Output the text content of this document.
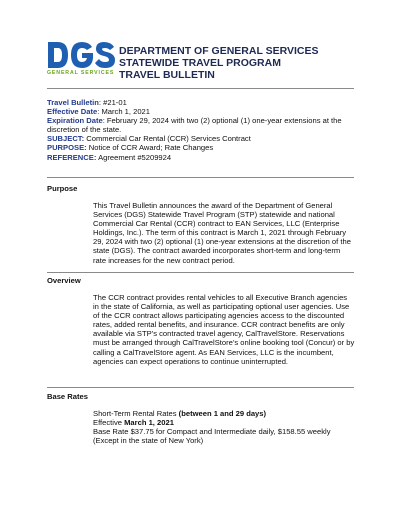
GENERAL SERVICES
DEPARTMENT OF GENERAL SERVICES
STATEWIDE TRAVEL PROGRAM
TRAVEL BULLETIN

Travel Bulletin: #21-01

Effective Date: March 1, 2021

Expiration Date: February 29, 2024 with two (2) optional (1) one-year extensions at the discretion of the state.

SUBJECT: Commercial Car Rental (CCR) Services Contract

PURPOSE: Notice of CCR Award; Rate Changes

REFERENCE: Agreement #5209924

Purpose

This Travel Bulletin announces the award of the Department of General Services (DGS) Statewide Travel Program (STP) statewide and national Commercial Car Rental (CCR) contract to EAN Services, LLC (Enterprise Holdings, Inc.). The term of this contract is March 1, 2021 through February 29, 2024 with two (2) optional (1) one-year extensions at the discretion of the state (DGS). The contract awarded incorporates short-term and long-term rate increases for the new contract period.

Overview

The CCR contract provides rental vehicles to all Executive Branch agencies in the state of California, as well as participating optional user agencies. Use of the CCR contract allows participating agencies access to the discounted rates, added rental benefits, and insurance. CCR contract benefits are only available via STP’s contracted travel agency, CalTravelStore. Reservations must be arranged through CalTravelStore’s online booking tool (Concur) or by calling a CalTravelStore agent. As EAN Services, LLC is the incumbent, agencies can expect operations to continue uninterrupted.

Base Rates

Short-Term Rental Rates (between 1 and 29 days)

Effective March 1, 2021

Base Rate $37.75 for Compact and Intermediate daily, $158.55 weekly

(Except in the state of New York)
